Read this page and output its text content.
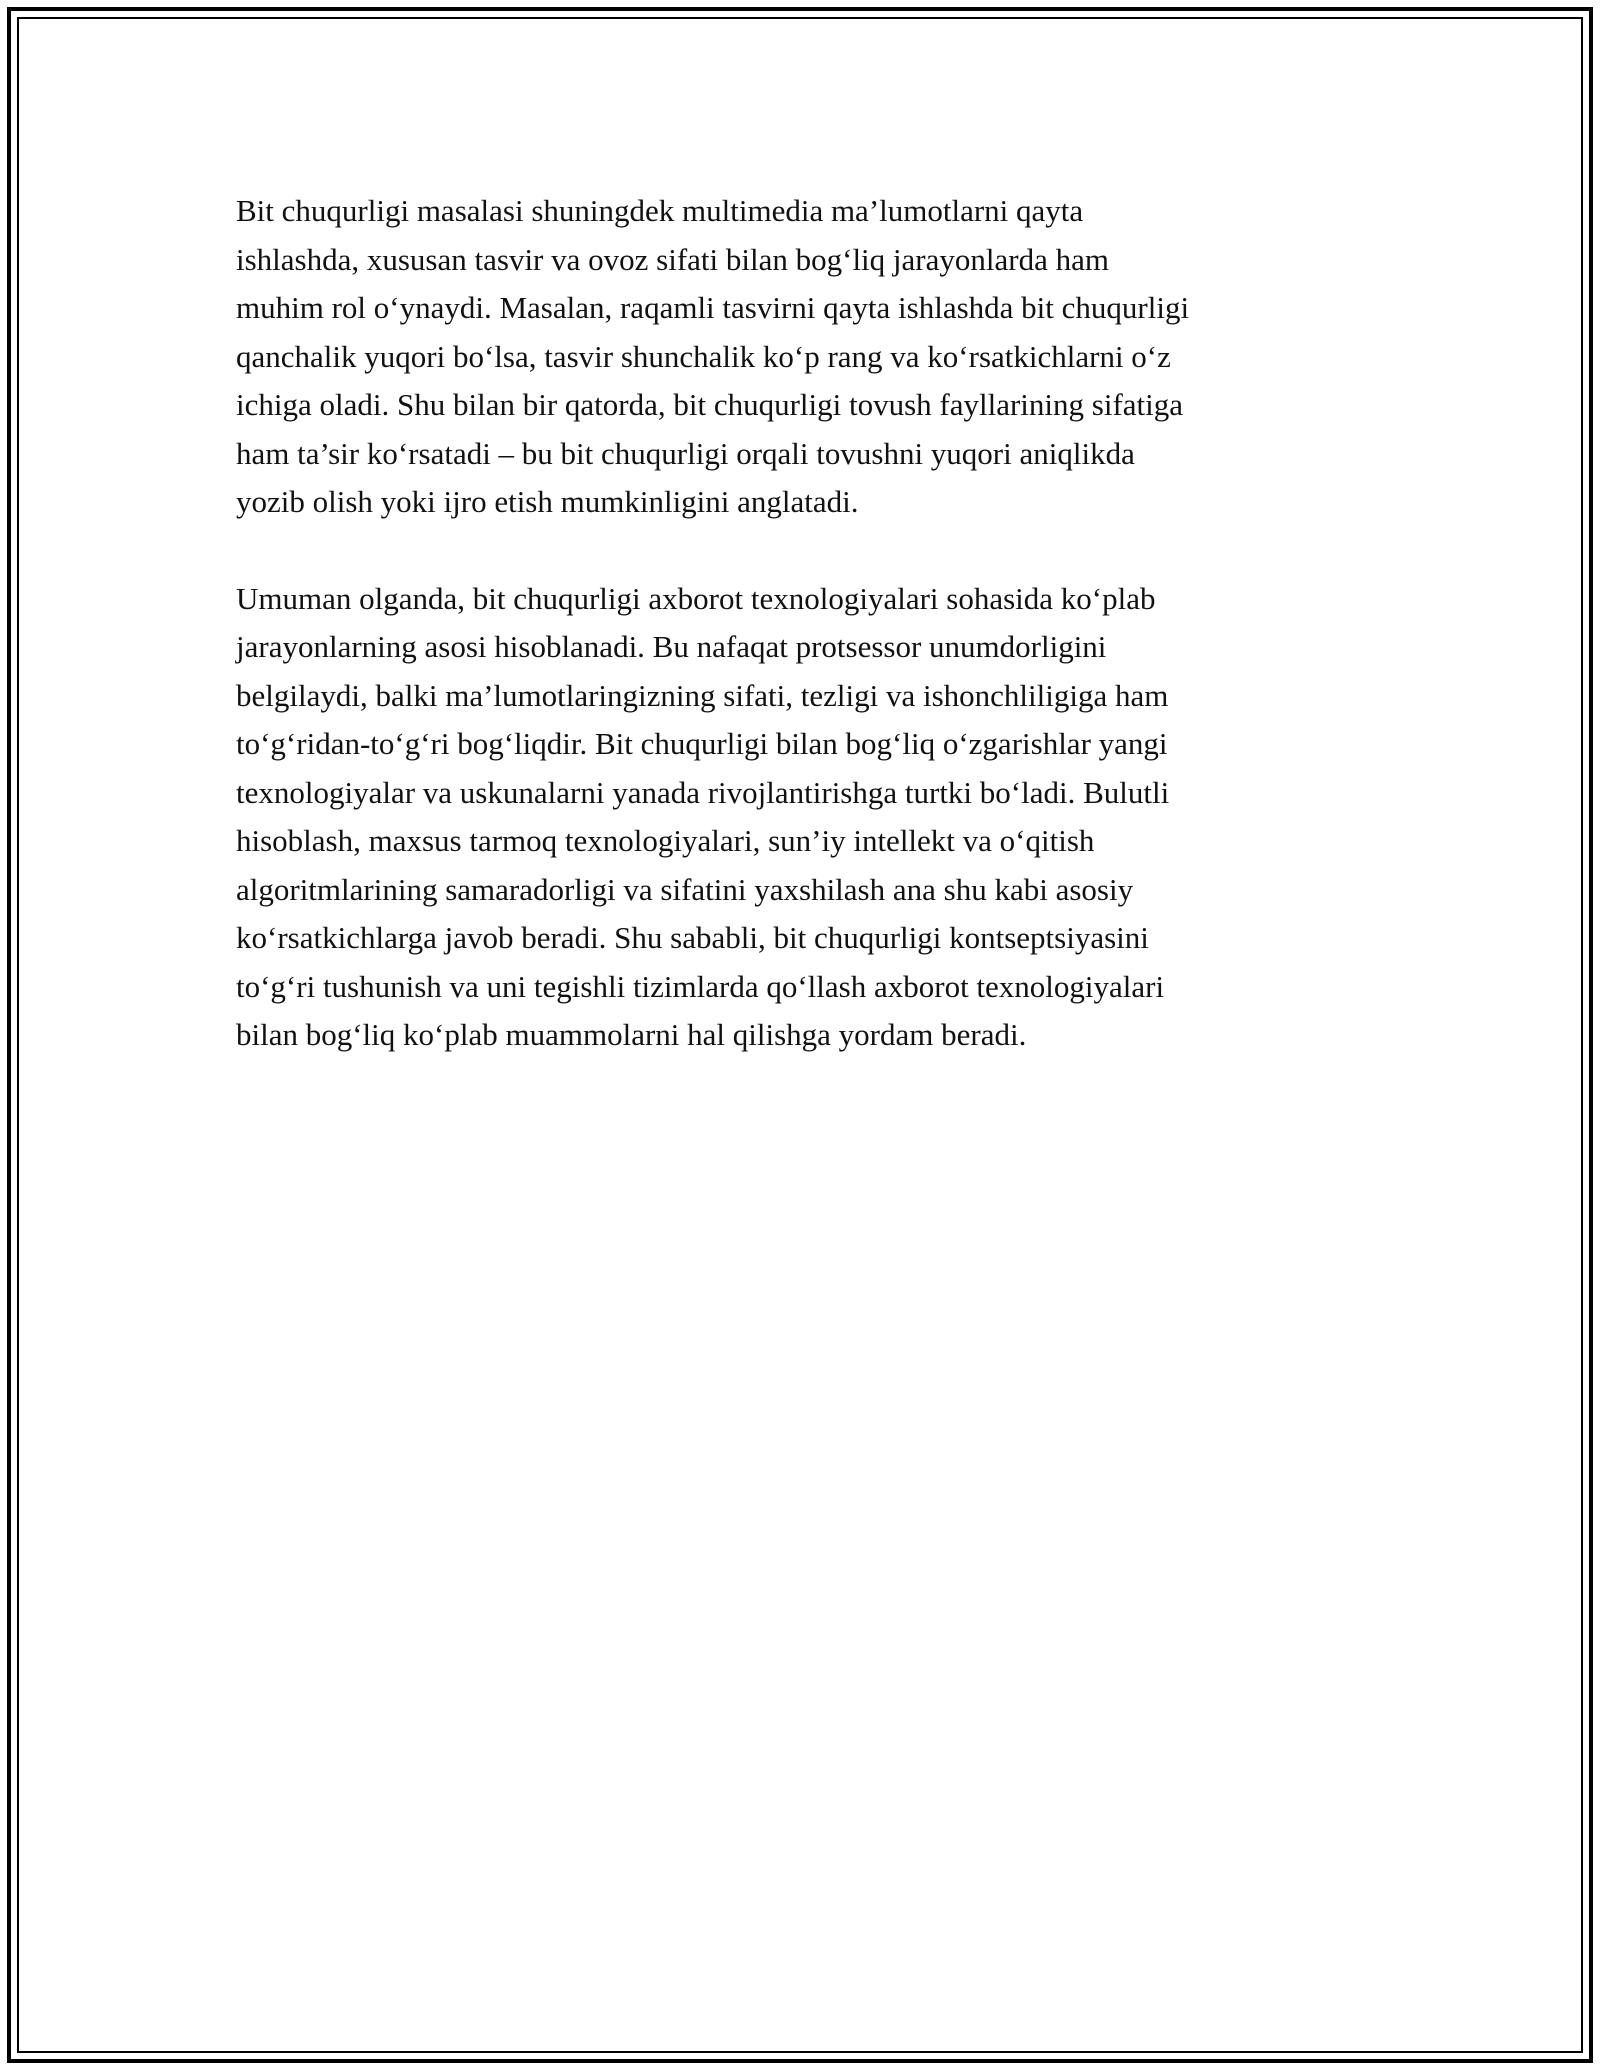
Bit chuqurligi masalasi shuningdek multimedia ma’lumotlarni qayta
ishlashda, xususan tasvir va ovoz sifati bilan bog‘liq jarayonlarda ham
muhim rol o‘ynaydi. Masalan, raqamli tasvirni qayta ishlashda bit chuqurligi
qanchalik yuqori bo‘lsa, tasvir shunchalik ko‘p rang va ko‘rsatkichlarni o‘z
ichiga oladi. Shu bilan bir qatorda, bit chuqurligi tovush fayllarining sifatiga
ham ta’sir ko‘rsatadi – bu bit chuqurligi orqali tovushni yuqori aniqlikda
yozib olish yoki ijro etish mumkinligini anglatadi.

Umuman olganda, bit chuqurligi axborot texnologiyalari sohasida ko‘plab
jarayonlarning asosi hisoblanadi. Bu nafaqat protsessor unumdorligini
belgilaydi, balki ma’lumotlaringizning sifati, tezligi va ishonchliligiga ham
to‘g‘ridan-to‘g‘ri bog‘liqdir. Bit chuqurligi bilan bog‘liq o‘zgarishlar yangi
texnologiyalar va uskunalarni yanada rivojlantirishga turtki bo‘ladi. Bulutli
hisoblash, maxsus tarmoq texnologiyalari, sun’iy intellekt va o‘qitish
algoritmlarining samaradorligi va sifatini yaxshilash ana shu kabi asosiy
ko‘rsatkichlarga javob beradi. Shu sababli, bit chuqurligi kontseptsiyasini
to‘g‘ri tushunish va uni tegishli tizimlarda qo‘llash axborot texnologiyalari
bilan bog‘liq ko‘plab muammolarni hal qilishga yordam beradi.
